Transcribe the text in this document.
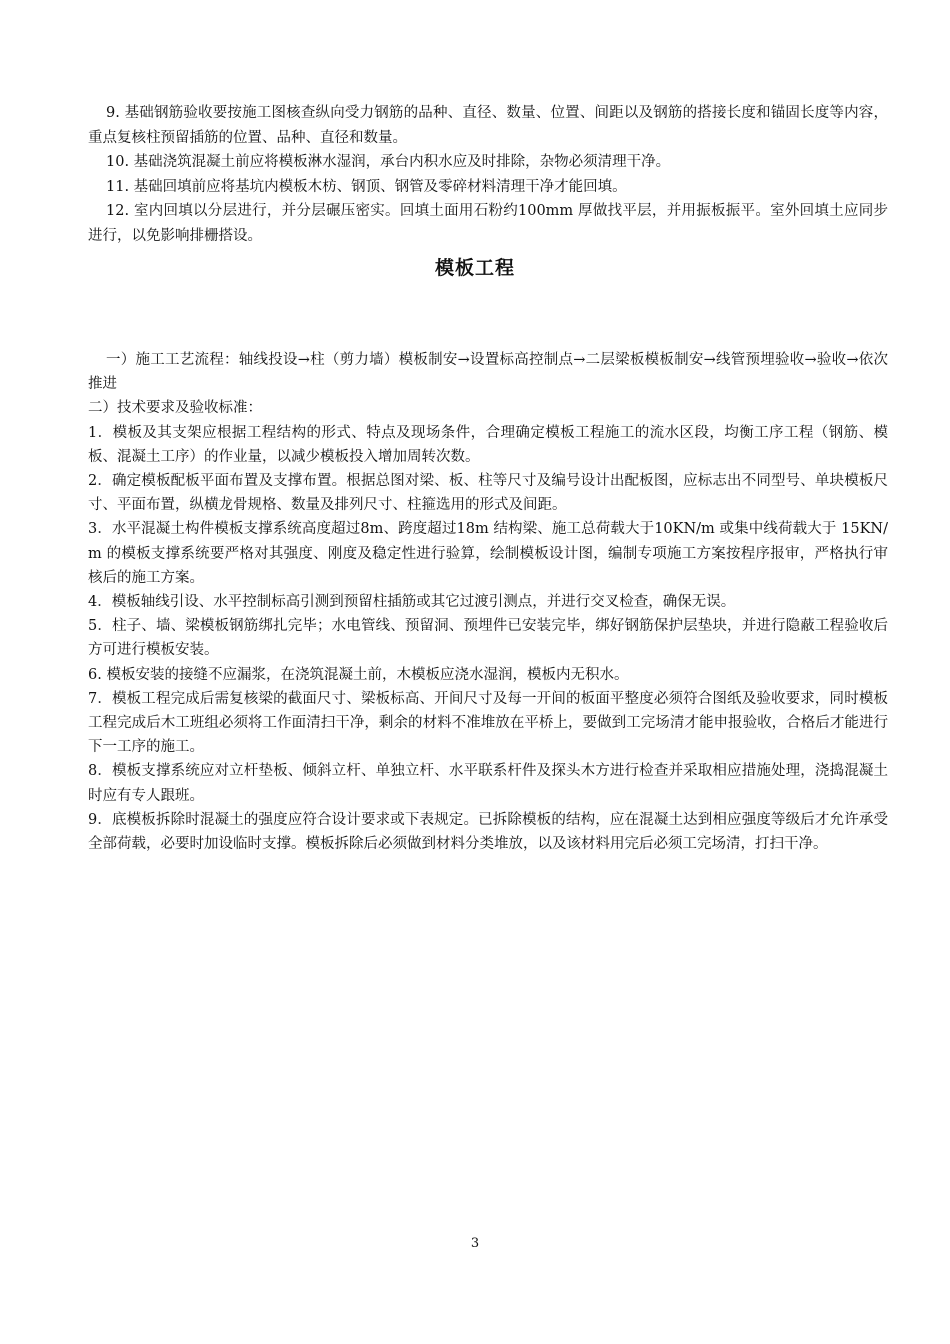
9. 基础钢筋验收要按施工图核查纵向受力钢筋的品种、直径、数量、位置、间距以及钢筋的搭接长度和锚固长度等内容，重点复核柱预留插筋的位置、品种、直径和数量。

10. 基础浇筑混凝土前应将模板淋水湿润，承台内积水应及时排除，杂物必须清理干净。

11. 基础回填前应将基坑内模板木枋、钢顶、钢管及零碎材料清理干净才能回填。

12. 室内回填以分层进行，并分层碾压密实。回填土面用石粉约100mm 厚做找平层，并用振板振平。室外回填土应同步进行，以免影响排栅搭设。

模板工程

一）施工工艺流程：轴线投设→柱（剪力墙）模板制安→设置标高控制点→二层梁板模板制安→线管预埋验收→验收→依次推进

二）技术要求及验收标准：

1．模板及其支架应根据工程结构的形式、特点及现场条件，合理确定模板工程施工的流水区段，均衡工序工程（钢筋、模板、混凝土工序）的作业量，以减少模板投入增加周转次数。

2．确定模板配板平面布置及支撑布置。根据总图对梁、板、柱等尺寸及编号设计出配板图，应标志出不同型号、单块模板尺寸、平面布置，纵横龙骨规格、数量及排列尺寸、柱箍选用的形式及间距。

3．水平混凝土构件模板支撑系统高度超过8m、跨度超过18m 结构梁、施工总荷载大于10KN/m 或集中线荷载大于 15KN/m 的模板支撑系统要严格对其强度、刚度及稳定性进行验算，绘制模板设计图，编制专项施工方案按程序报审，严格执行审核后的施工方案。

4．模板轴线引设、水平控制标高引测到预留柱插筋或其它过渡引测点，并进行交叉检查，确保无误。

5．柱子、墙、梁模板钢筋绑扎完毕；水电管线、预留洞、预埋件已安装完毕，绑好钢筋保护层垫块，并进行隐蔽工程验收后方可进行模板安装。

6. 模板安装的接缝不应漏浆，在浇筑混凝土前，木模板应浇水湿润，模板内无积水。

7．模板工程完成后需复核梁的截面尺寸、梁板标高、开间尺寸及每一开间的板面平整度必须符合图纸及验收要求，同时模板工程完成后木工班组必须将工作面清扫干净，剩余的材料不准堆放在平桥上，要做到工完场清才能申报验收，合格后才能进行下一工序的施工。

8．模板支撑系统应对立杆垫板、倾斜立杆、单独立杆、水平联系杆件及探头木方进行检查并采取相应措施处理，浇捣混凝土时应有专人跟班。

9．底模板拆除时混凝土的强度应符合设计要求或下表规定。已拆除模板的结构，应在混凝土达到相应强度等级后才允许承受全部荷载，必要时加设临时支撑。模板拆除后必须做到材料分类堆放，以及该材料用完后必须工完场清，打扫干净。

3
